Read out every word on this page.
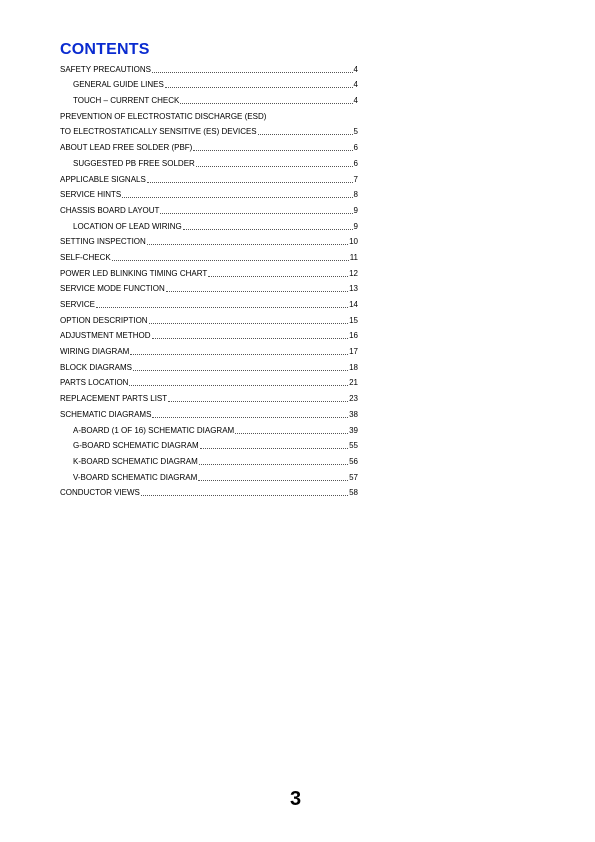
CONTENTS
SAFETY PRECAUTIONS	4
GENERAL GUIDE LINES	4
TOUCH – CURRENT CHECK	4
PREVENTION OF ELECTROSTATIC DISCHARGE (ESD)
TO ELECTROSTATICALLY SENSITIVE (ES) DEVICES	5
ABOUT LEAD FREE SOLDER (PBF)	6
SUGGESTED PB FREE SOLDER	6
APPLICABLE SIGNALS	7
SERVICE HINTS	8
CHASSIS BOARD LAYOUT	9
LOCATION OF LEAD WIRING	9
SETTING INSPECTION	10
SELF-CHECK	11
POWER LED BLINKING TIMING CHART	12
SERVICE MODE FUNCTION	13
SERVICE	14
OPTION DESCRIPTION	15
ADJUSTMENT METHOD	16
WIRING DIAGRAM	17
BLOCK DIAGRAMS	18
PARTS LOCATION	21
REPLACEMENT PARTS LIST	23
SCHEMATIC DIAGRAMS	38
A-BOARD (1 OF 16) SCHEMATIC DIAGRAM	39
G-BOARD SCHEMATIC DIAGRAM	55
K-BOARD SCHEMATIC DIAGRAM	56
V-BOARD SCHEMATIC DIAGRAM	57
CONDUCTOR VIEWS	58
3
